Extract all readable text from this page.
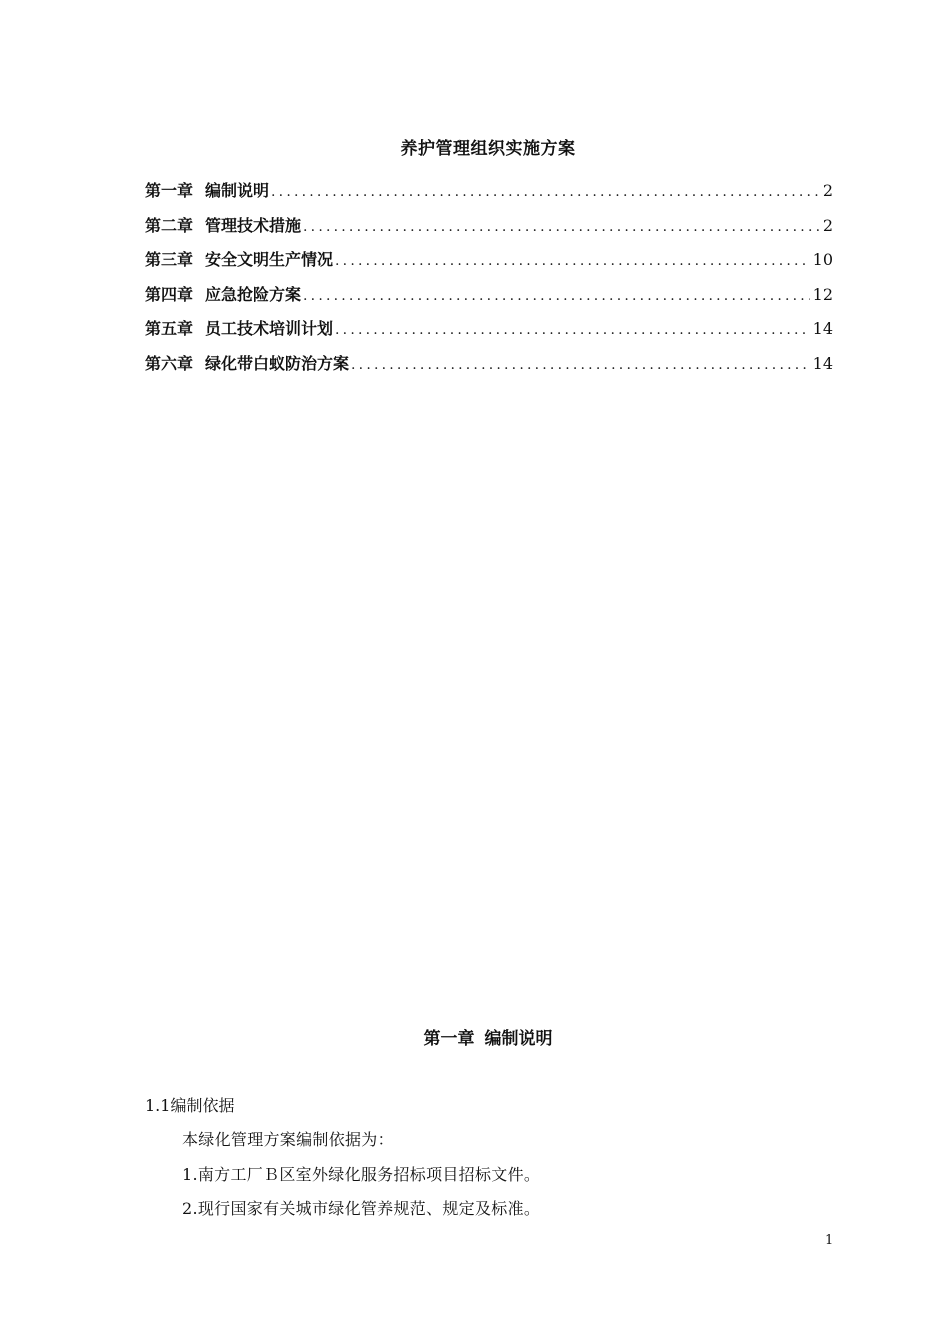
养护管理组织实施方案
第一章 编制说明 .....	2
第二章 管理技术措施 .....	2
第三章 安全文明生产情况 .....	10
第四章 应急抢险方案 .....	12
第五章 员工技术培训计划 .....	14
第六章 绿化带白蚁防治方案 .....	14
第一章 编制说明
1.1编制依据
本绿化管理方案编制依据为：
1.南方工厂Ｂ区室外绿化服务招标项目招标文件。
2.现行国家有关城市绿化管养规范、规定及标准。
1
